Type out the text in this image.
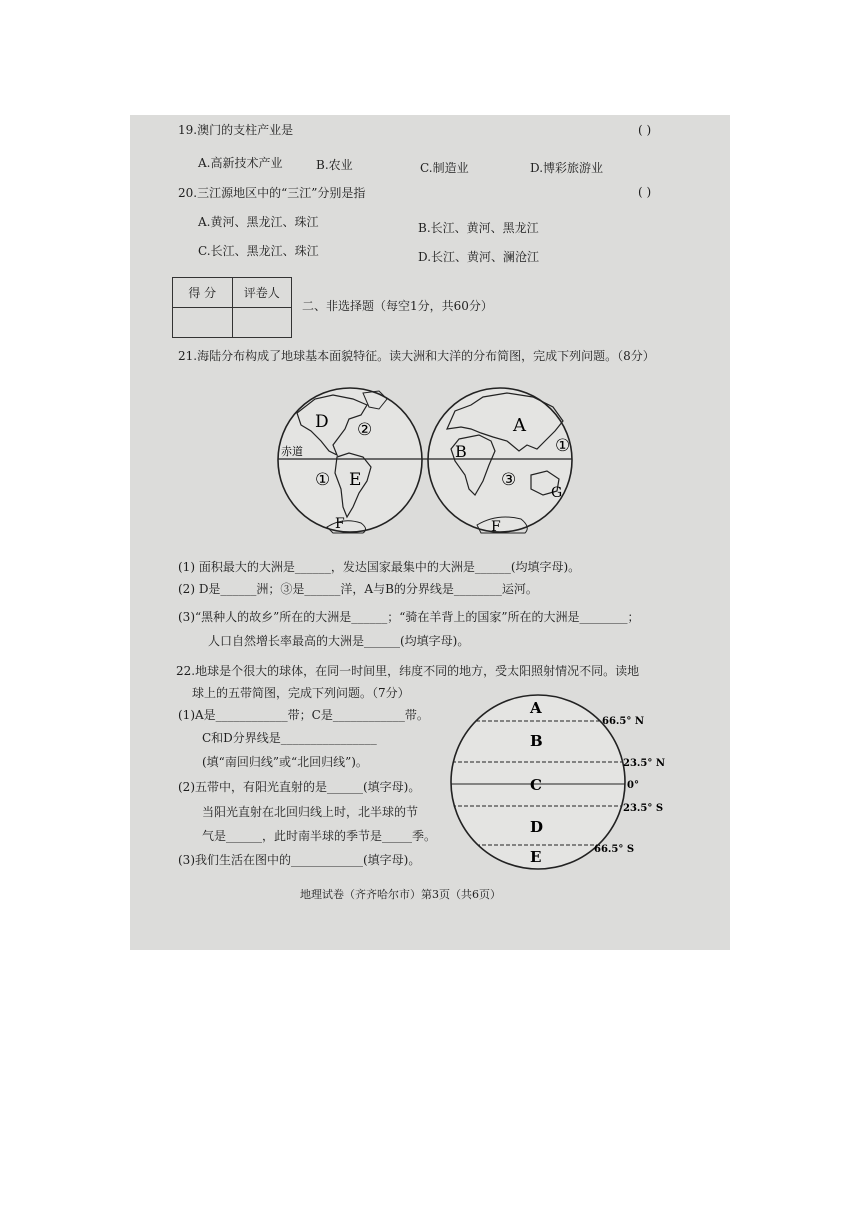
19.澳门的支柱产业是	( )
A.高新技术产业	B.农业	C.制造业	D.博彩旅游业
20.三江源地区中的“三江”分别是指	( )
A.黄河、黑龙江、珠江	B.长江、黄河、黑龙江
C.长江、黑龙江、珠江	D.长江、黄河、澜沧江
得 分	评卷人

二、非选择题（每空1分，共60分）
21.海陆分布构成了地球基本面貌特征。读大洲和大洋的分布简图，完成下列问题。（8分）
赤道
D ②
① E
F
A
B	①
③
G
F
(1) 面积最大的大洲是______，发达国家最集中的大洲是______(均填字母)。
(2) D是______洲；③是______洋，A与B的分界线是________运河。
(3)“黑种人的故乡”所在的大洲是______；“骑在羊背上的国家”所在的大洲是________；
人口自然增长率最高的大洲是______(均填字母)。
22.地球是个很大的球体，在同一时间里，纬度不同的地方，受太阳照射情况不同。读地
球上的五带简图，完成下列问题。（7分）
(1)A是____________带；C是____________带。
C和D分界线是________________
(填“南回归线”或“北回归线”)。
(2)五带中，有阳光直射的是______(填字母)。
当阳光直射在北回归线上时，北半球的节
气是______，此时南半球的季节是_____季。
(3)我们生活在图中的____________(填字母)。
A
B
C
D
E
66.5° N
23.5° N
0°
23.5° S
66.5° S
地理试卷（齐齐哈尔市）第3页（共6页）
